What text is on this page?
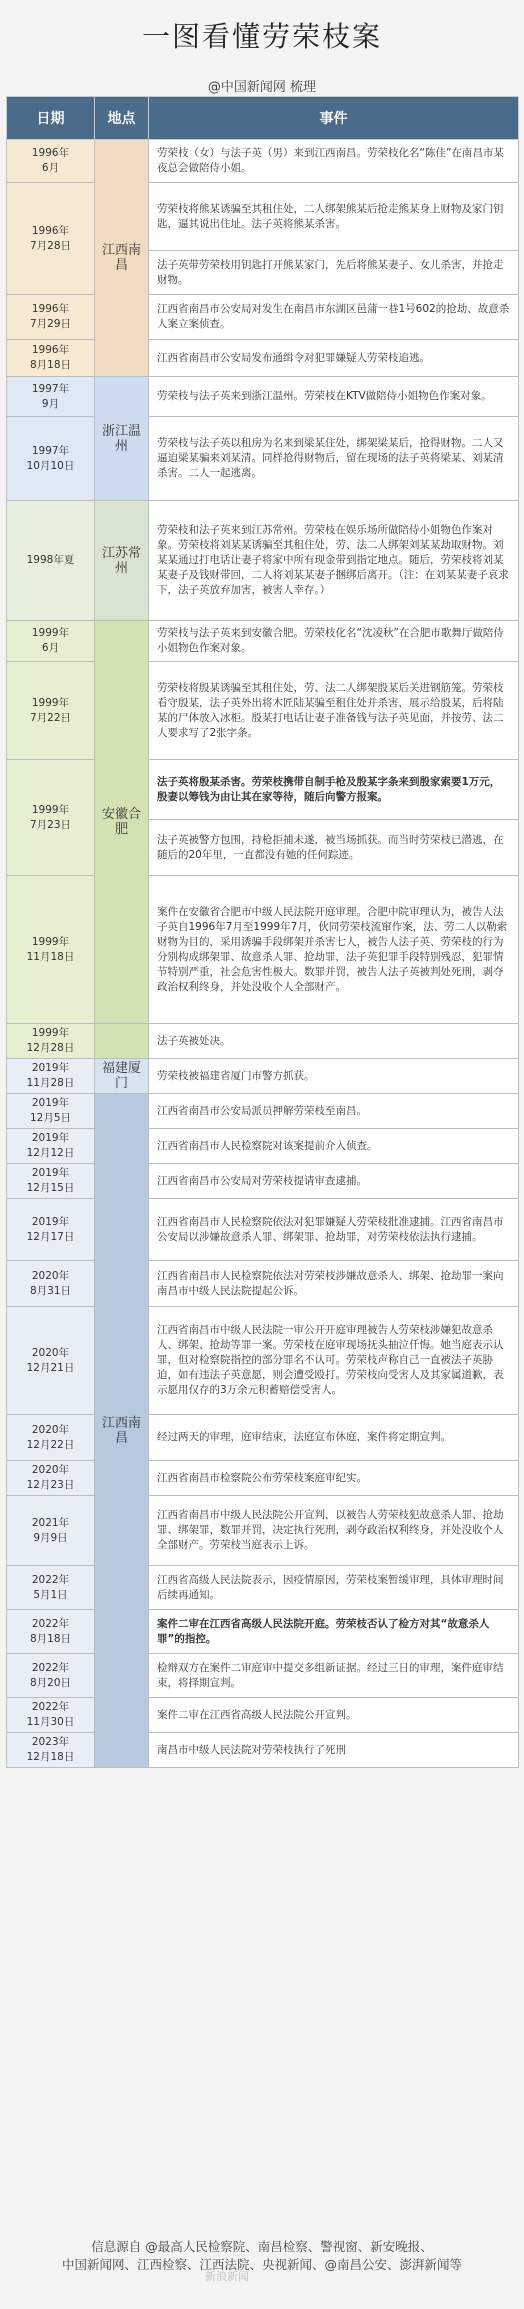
一图看懂劳荣枝案
@中国新闻网 梳理
日期	地点	事件
1996年
6月	江西南昌	劳荣枝（女）与法子英（男）来到江西南昌。劳荣枝化名“陈佳”在南昌市某夜总会做陪侍小姐。
1996年
7月28日		劳荣枝将熊某诱骗至其租住处，二人绑架熊某后抢走熊某身上财物及家门钥匙，逼其说出住址。法子英将熊某杀害。
		法子英带劳荣枝用钥匙打开熊某家门，先后将熊某妻子、女儿杀害，并抢走财物。
1996年
7月29日		江西省南昌市公安局对发生在南昌市东湖区邑蒲一巷1号602的抢劫、故意杀人案立案侦查。
1996年
8月18日		江西省南昌市公安局发布通缉令对犯罪嫌疑人劳荣枝追逃。
1997年
9月	浙江温州	劳荣枝与法子英来到浙江温州。劳荣枝在KTV做陪侍小姐物色作案对象。
1997年
10月10日		劳荣枝与法子英以租房为名来到梁某住处，绑架梁某后，抢得财物。二人又逼迫梁某骗来刘某清。同样抢得财物后，留在现场的法子英将梁某、刘某清杀害。二人一起逃离。
1998年夏	江苏常州	劳荣枝和法子英来到江苏常州。劳荣枝在娱乐场所做陪侍小姐物色作案对象。劳荣枝将刘某某诱骗至其租住处，劳、法二人绑架刘某某劫取财物。刘某某通过打电话让妻子将家中所有现金带到指定地点。随后，劳荣枝将刘某某妻子及钱财带回，二人将刘某某妻子捆绑后离开。（注：在刘某某妻子哀求下，法子英放弃加害，被害人幸存。）
1999年
6月	安徽合肥	劳荣枝与法子英来到安徽合肥。劳荣枝化名“沈凌秋”在合肥市歌舞厅做陪侍小姐物色作案对象。
1999年
7月22日		劳荣枝将殷某诱骗至其租住处，劳、法二人绑架殷某后关进钢筋笼。劳荣枝看守殷某，法子英外出将木匠陆某骗至租住处并杀害，展示给殷某，后将陆某的尸体放入冰柜。殷某打电话让妻子准备钱与法子英见面，并按劳、法二人要求写了2张字条。
1999年
7月23日		法子英将殷某杀害。劳荣枝携带自制手枪及殷某字条来到殷家索要1万元，殷妻以筹钱为由让其在家等待，随后向警方报案。
		法子英被警方包围，持枪拒捕未遂，被当场抓获。而当时劳荣枝已潜逃，在随后的20年里，一直都没有她的任何踪迹。
1999年
11月18日		案件在安徽省合肥市中级人民法院开庭审理。合肥中院审理认为，被告人法子英自1996年7月至1999年7月，伙同劳荣枝流窜作案，法、劳二人以勒索财物为目的，采用诱骗手段绑架并杀害七人，被告人法子英、劳荣枝的行为分别构成绑架罪、故意杀人罪、抢劫罪，法子英犯罪手段特别残忍，犯罪情节特别严重，社会危害性极大。数罪并罚，被告人法子英被判处死刑，剥夺政治权利终身，并处没收个人全部财产。
1999年
12月28日		法子英被处决。
2019年
11月28日	福建厦门	劳荣枝被福建省厦门市警方抓获。
2019年
12月5日	江西南昌	江西省南昌市公安局派员押解劳荣枝至南昌。
2019年
12月12日		江西省南昌市人民检察院对该案提前介入侦查。
2019年
12月15日		江西省南昌市公安局对劳荣枝提请审查逮捕。
2019年
12月17日		江西省南昌市人民检察院依法对犯罪嫌疑人劳荣枝批准逮捕。江西省南昌市公安局以涉嫌故意杀人罪、绑架罪、抢劫罪，对劳荣枝依法执行逮捕。
2020年
8月31日		江西省南昌市人民检察院依法对劳荣枝涉嫌故意杀人、绑架、抢劫罪一案向南昌市中级人民法院提起公诉。
2020年
12月21日		江西省南昌市中级人民法院一审公开开庭审理被告人劳荣枝涉嫌犯故意杀人、绑架、抢劫等罪一案。劳荣枝在庭审现场抚头抽泣仟悔。她当庭表示认罪，但对检察院指控的部分罪名不认可。劳荣枝声称自己一直被法子英胁迫，如有违法子英意愿，则会遭受殴打。劳荣枝向受害人及其家属道歉，表示愿用仅存的3万余元积蓄赔偿受害人。
2020年
12月22日		经过两天的审理，庭审结束，法庭宣布休庭，案件将定期宣判。
2020年
12月23日		江西省南昌市检察院公布劳荣枝案庭审纪实。
2021年
9月9日		江西省南昌市中级人民法院公开宣判，以被告人劳荣枝犯故意杀人罪、抢劫罪、绑架罪，数罪并罚，决定执行死刑，剥夺政治权利终身，并处没收个人全部财产。劳荣枝当庭表示上诉。
2022年
5月1日		江西省高级人民法院表示，因疫情原因，劳荣枝案暂缓审理，具体审理时间后续再通知。
2022年
8月18日		案件二审在江西省高级人民法院开庭。劳荣枝否认了检方对其“故意杀人罪”的指控。
2022年
8月20日		检辩双方在案件二审庭审中提交多组新证据。经过三日的审理，案件庭审结束，将择期宣判。
2022年
11月30日		案件二审在江西省高级人民法院公开宣判。
2023年
12月18日		南昌市中级人民法院对劳荣枝执行了死刑
信息源自 @最高人民检察院、南昌检察、警视窗、新安晚报、
中国新闻网、江西检察、江西法院、央视新闻、@南昌公安、澎湃新闻等
新浪新闻
